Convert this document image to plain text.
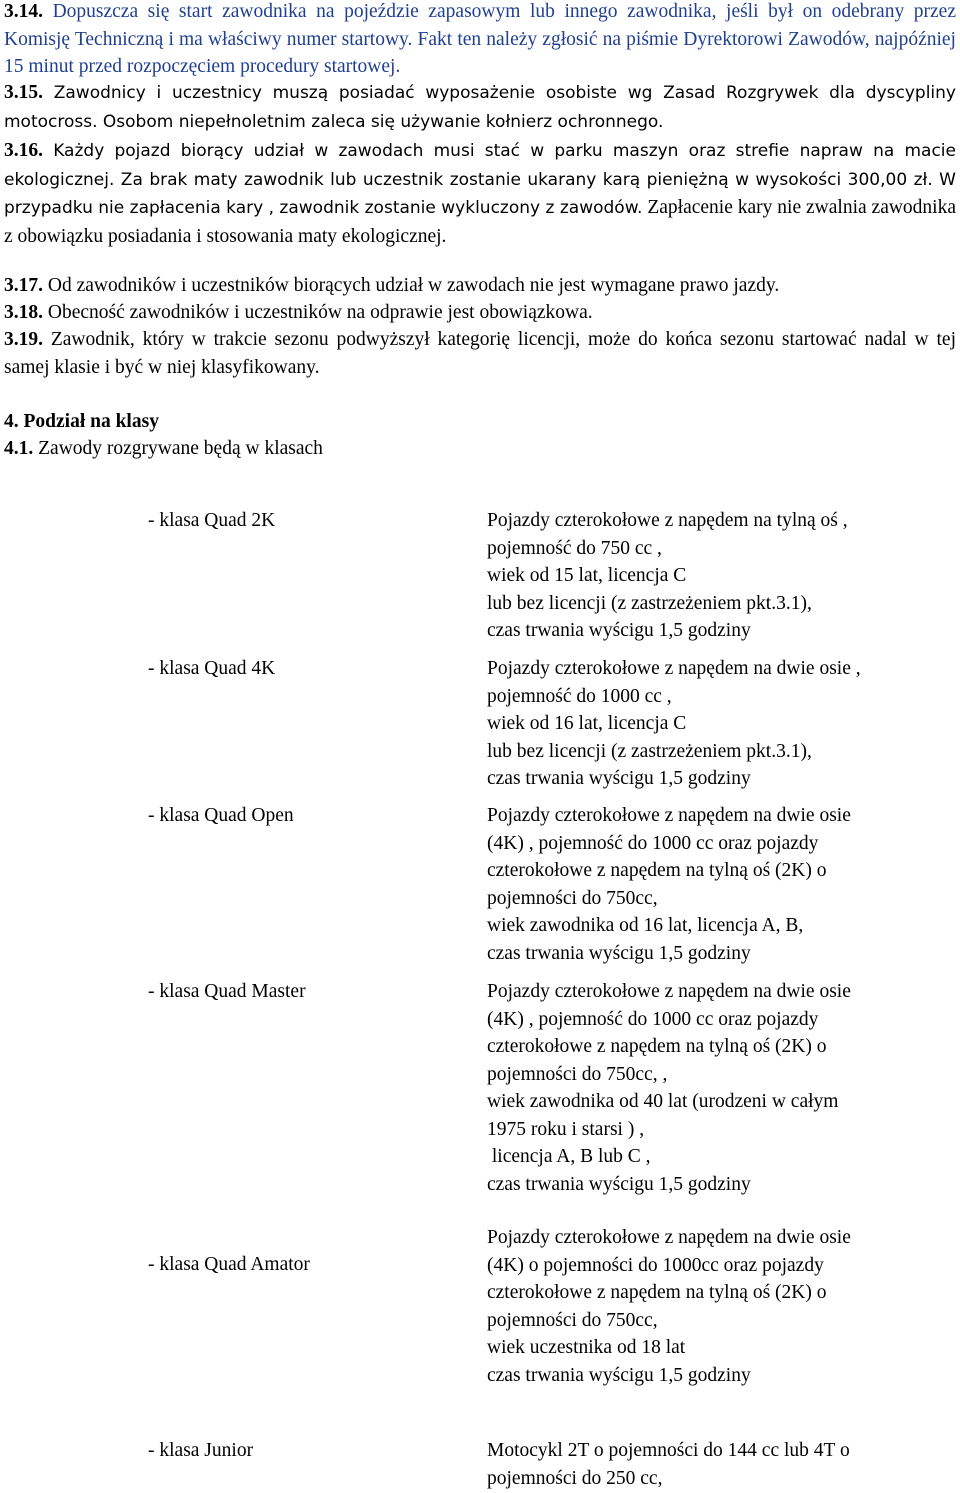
3.14. Dopuszcza się start zawodnika na pojeździe zapasowym lub innego zawodnika, jeśli był on odebrany przez Komisję Techniczną i ma właściwy numer startowy. Fakt ten należy zgłosić na piśmie Dyrektorowi Zawodów, najpóźniej 15 minut przed rozpoczęciem procedury startowej.

3.15. Zawodnicy i uczestnicy muszą posiadać wyposażenie osobiste wg Zasad Rozgrywek dla dyscypliny motocross. Osobom niepełnoletnim zaleca się używanie kołnierz ochronnego.

3.16. Każdy pojazd biorący udział w zawodach musi stać w parku maszyn oraz strefie napraw na macie ekologicznej. Za brak maty zawodnik lub uczestnik zostanie ukarany karą pieniężną w wysokości 300,00 zł. W przypadku nie zapłacenia kary , zawodnik zostanie wykluczony z zawodów. Zapłacenie kary nie zwalnia zawodnika z obowiązku posiadania i stosowania maty ekologicznej.

3.17. Od zawodników i uczestników biorących udział w zawodach nie jest wymagane prawo jazdy.

3.18. Obecność zawodników i uczestników na odprawie jest obowiązkowa.

3.19. Zawodnik, który w trakcie sezonu podwyższył kategorię licencji, może do końca sezonu startować nadal w tej samej klasie i być w niej klasyfikowany.

4. Podział na klasy

4.1. Zawody rozgrywane będą w klasach

- klasa Quad 2K	Pojazdy czterokołowe z napędem na tylną oś ,
pojemność do 750 cc ,
wiek od 15 lat, licencja C
lub bez licencji (z zastrzeżeniem pkt.3.1),
czas trwania wyścigu 1,5 godziny
- klasa Quad 4K	Pojazdy czterokołowe z napędem na dwie osie ,
pojemność do 1000 cc ,
wiek od 16 lat, licencja C
lub bez licencji (z zastrzeżeniem pkt.3.1),
czas trwania wyścigu 1,5 godziny
- klasa Quad Open	Pojazdy czterokołowe z napędem na dwie osie
(4K) , pojemność do 1000 cc oraz pojazdy
czterokołowe z napędem na tylną oś (2K) o
pojemności do 750cc,
wiek zawodnika od 16 lat, licencja A, B,
czas trwania wyścigu 1,5 godziny
- klasa Quad Master	Pojazdy czterokołowe z napędem na dwie osie
(4K) , pojemność do 1000 cc oraz pojazdy
czterokołowe z napędem na tylną oś (2K) o
pojemności do 750cc, ,
wiek zawodnika od 40 lat (urodzeni w całym
1975 roku i starsi ) ,
licencja A, B lub C ,
czas trwania wyścigu 1,5 godziny
- klasa Quad Amator
Pojazdy czterokołowe z napędem na dwie osie
(4K) o pojemności do 1000cc oraz pojazdy
czterokołowe z napędem na tylną oś (2K) o
pojemności do 750cc,
wiek uczestnika od 18 lat
czas trwania wyścigu 1,5 godziny
- klasa Junior	Motocykl 2T o pojemności do 144 cc lub 4T o
pojemności do 250 cc,
